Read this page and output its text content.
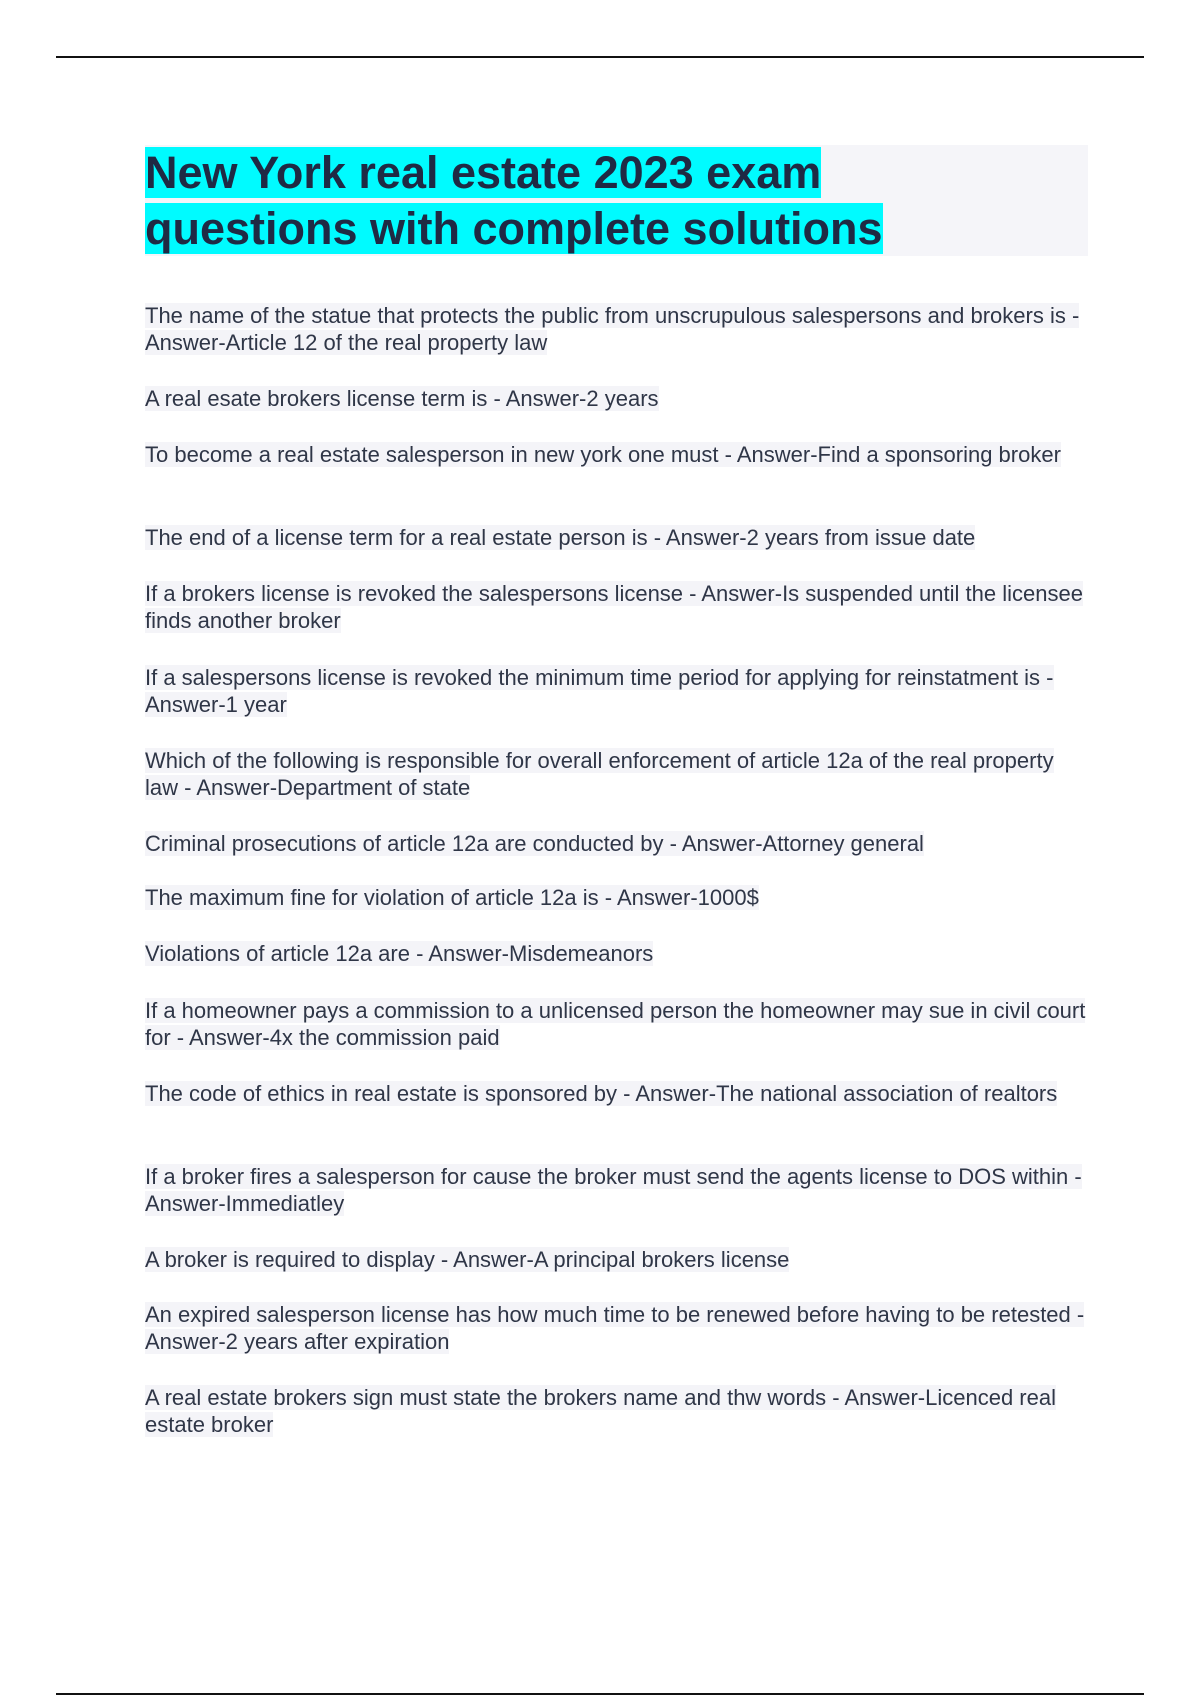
New York real estate 2023 exam
questions with complete solutions
The name of the statue that protects the public from unscrupulous salespersons and brokers is - Answer-Article 12 of the real property law
A real esate brokers license term is - Answer-2 years
To become a real estate salesperson in new york one must - Answer-Find a sponsoring broker
The end of a license term for a real estate person is - Answer-2 years from issue date
If a brokers license is revoked the salespersons license - Answer-Is suspended until the licensee finds another broker
If a salespersons license is revoked the minimum time period for applying for reinstatment is - Answer-1 year
Which of the following is responsible for overall enforcement of article 12a of the real property law - Answer-Department of state
Criminal prosecutions of article 12a are conducted by - Answer-Attorney general
The maximum fine for violation of article 12a is - Answer-1000$
Violations of article 12a are - Answer-Misdemeanors
If a homeowner pays a commission to a unlicensed person the homeowner may sue in civil court for - Answer-4x the commission paid
The code of ethics in real estate is sponsored by - Answer-The national association of realtors
If a broker fires a salesperson for cause the broker must send the agents license to DOS within - Answer-Immediatley
A broker is required to display - Answer-A principal brokers license
An expired salesperson license has how much time to be renewed before having to be retested - Answer-2 years after expiration
A real estate brokers sign must state the brokers name and thw words - Answer-Licenced real estate broker
